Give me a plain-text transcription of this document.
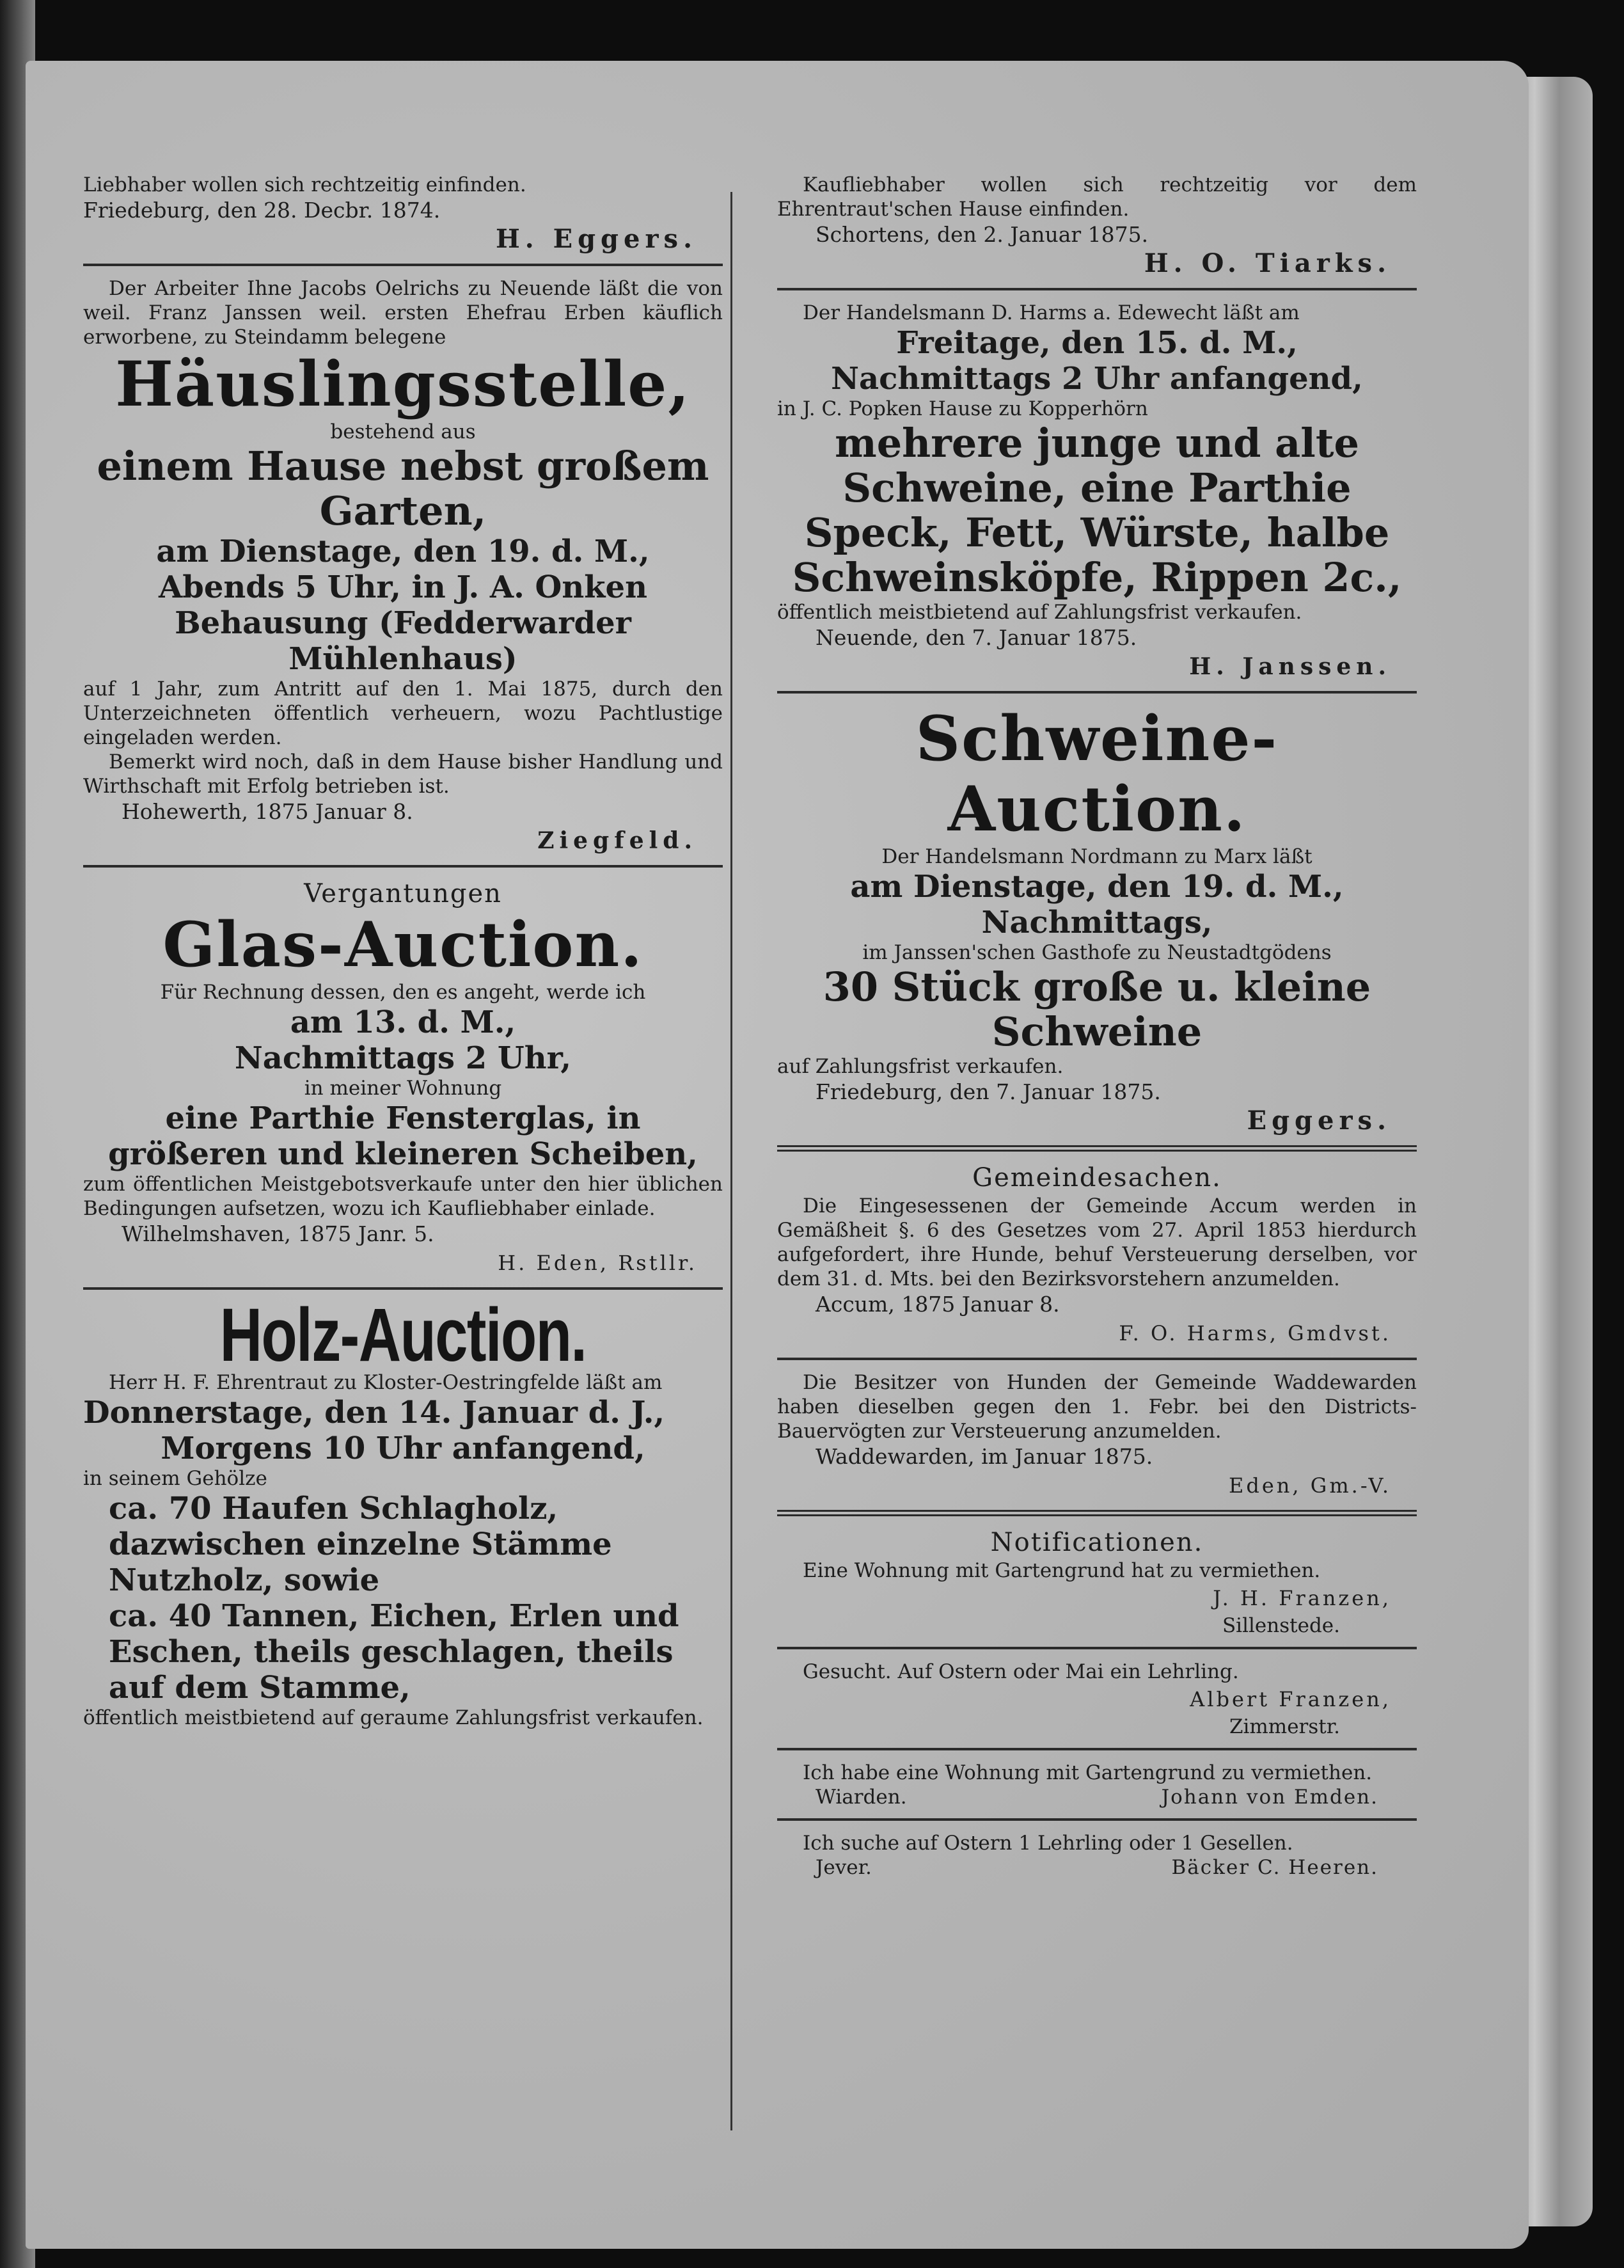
Liebhaber wollen sich rechtzeitig einfinden.
Friedeburg, den 28. Decbr. 1874.
H. Eggers.
Der Arbeiter Ihne Jacobs Oelrichs zu Neuende läßt die von weil. Franz Janssen weil. ersten Ehefrau Erben käuflich erworbene, zu Steindamm belegene
Häuslingsstelle,
bestehend aus
einem Hause nebst großem Garten,
am Dienstage, den 19. d. M.,
Abends 5 Uhr, in J. A. Onken Behausung (Fedderwarder Mühlenhaus)
auf 1 Jahr, zum Antritt auf den 1. Mai 1875, durch den Unterzeichneten öffentlich verheuern, wozu Pachtlustige eingeladen werden.
Bemerkt wird noch, daß in dem Hause bisher Handlung und Wirthschaft mit Erfolg betrieben ist.
Hohewerth, 1875 Januar 8.
Ziegfeld.
Vergantungen
Glas-Auction.
Für Rechnung dessen, den es angeht, werde ich
am 13. d. M.,
Nachmittags 2 Uhr,
in meiner Wohnung
eine Parthie Fensterglas, in größeren und kleineren Scheiben,
zum öffentlichen Meistgebotsverkaufe unter den hier üblichen Bedingungen aufsetzen, wozu ich Kaufliebhaber einlade.
Wilhelmshaven, 1875 Janr. 5.
H. Eden, Rstllr.
Holz-Auction.
Herr H. F. Ehrentraut zu Kloster-Oestringfelde läßt am
Donnerstage, den 14. Januar d. J.,
Morgens 10 Uhr anfangend,
in seinem Gehölze
ca. 70 Haufen Schlagholz, dazwischen einzelne Stämme Nutzholz, sowie
ca. 40 Tannen, Eichen, Erlen und Eschen, theils geschlagen, theils auf dem Stamme,
öffentlich meistbietend auf geraume Zahlungsfrist verkaufen.
Kaufliebhaber wollen sich rechtzeitig vor dem Ehrentraut'schen Hause einfinden.
Schortens, den 2. Januar 1875.
H. O. Tiarks.
Der Handelsmann D. Harms a. Edewecht läßt am
Freitage, den 15. d. M.,
Nachmittags 2 Uhr anfangend,
in J. C. Popken Hause zu Kopperhörn
mehrere junge und alte Schweine, eine Parthie Speck, Fett, Würste, halbe Schweinsköpfe, Rippen 2c.,
öffentlich meistbietend auf Zahlungsfrist verkaufen.
Neuende, den 7. Januar 1875.
H. Janssen.
Schweine-Auction.
Der Handelsmann Nordmann zu Marx läßt
am Dienstage, den 19. d. M.,
Nachmittags,
im Janssen'schen Gasthofe zu Neustadtgödens
30 Stück große u. kleine Schweine
auf Zahlungsfrist verkaufen.
Friedeburg, den 7. Januar 1875.
Eggers.
Gemeindesachen.
Die Eingesessenen der Gemeinde Accum werden in Gemäßheit §. 6 des Gesetzes vom 27. April 1853 hierdurch aufgefordert, ihre Hunde, behuf Versteuerung derselben, vor dem 31. d. Mts. bei den Bezirksvorstehern anzumelden.
Accum, 1875 Januar 8.
F. O. Harms, Gmdvst.
Die Besitzer von Hunden der Gemeinde Waddewarden haben dieselben gegen den 1. Febr. bei den Districts-Bauervögten zur Versteuerung anzumelden.
Waddewarden, im Januar 1875.
Eden, Gm.-V.
Notificationen.
Eine Wohnung mit Gartengrund hat zu vermiethen.
J. H. Franzen,
Sillenstede.
Gesucht. Auf Ostern oder Mai ein Lehrling.
Albert Franzen,
Zimmerstr.
Ich habe eine Wohnung mit Gartengrund zu vermiethen.
Wiarden.	Johann von Emden.
Ich suche auf Ostern 1 Lehrling oder 1 Gesellen.
Jever.	Bäcker C. Heeren.
